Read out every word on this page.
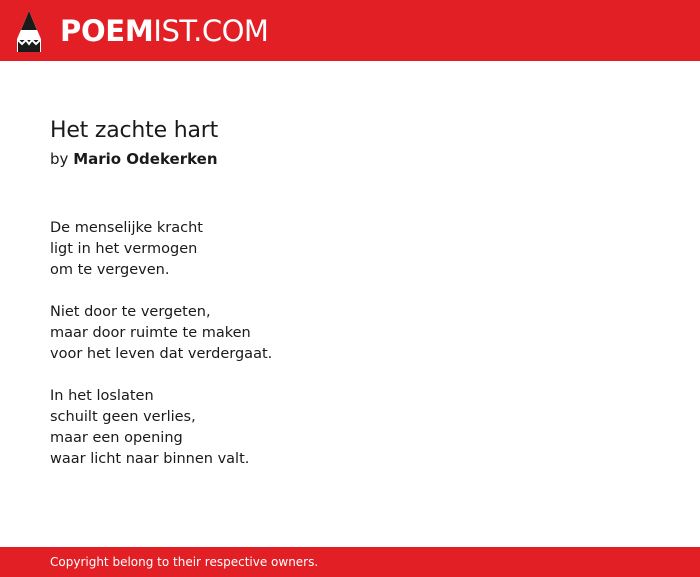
POEMIST.COM
Het zachte hart

by Mario Odekerken

De menselijke kracht
ligt in het vermogen
om te vergeven.
Niet door te vergeten,
maar door ruimte te maken
voor het leven dat verdergaat.
In het loslaten
schuilt geen verlies,
maar een opening
waar licht naar binnen valt.
Copyright belong to their respective owners.
